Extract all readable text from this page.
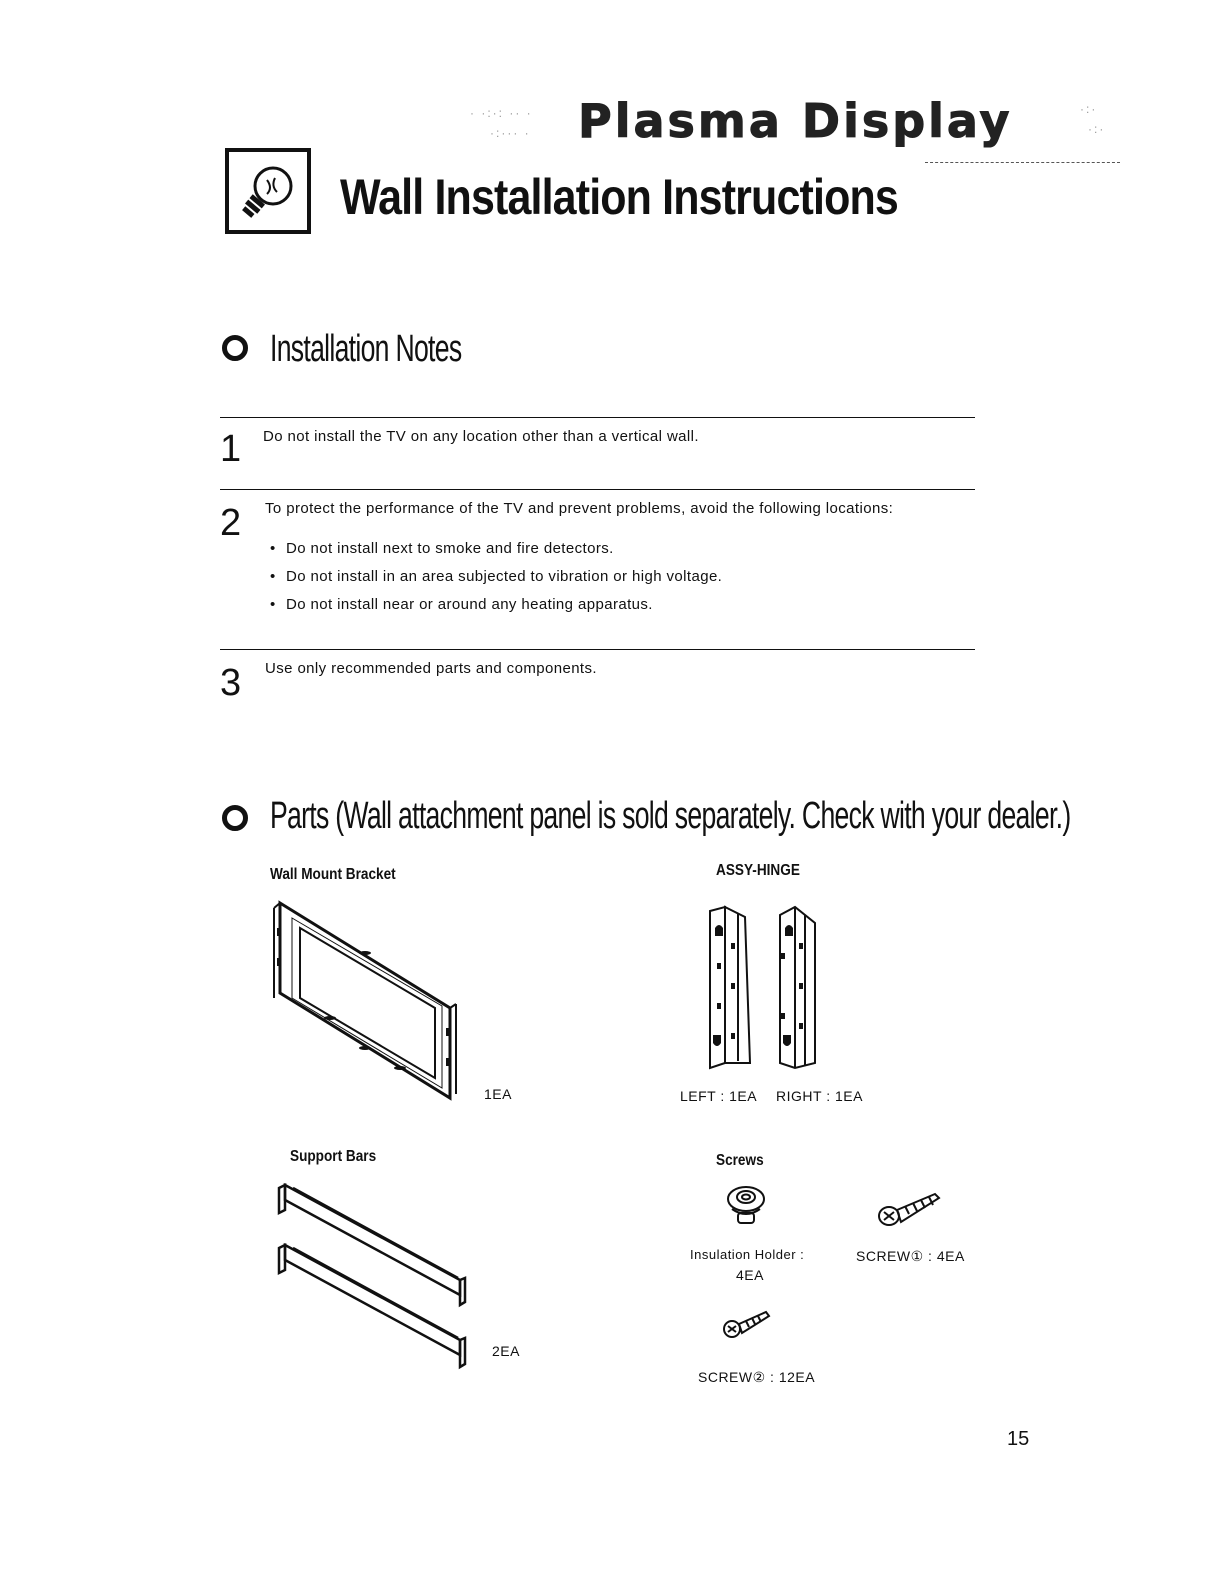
· ·:·: ·· ·
·:··· ·
·:·
·:·
Plasma Display
Wall Installation Instructions
Installation Notes
1 Do not install the TV on any location other than a vertical wall.
2 To protect the performance of the TV and prevent problems, avoid the following locations:
• Do not install next to smoke and fire detectors.
• Do not install in an area subjected to vibration or high voltage.
• Do not install near or around any heating apparatus.
3 Use only recommended parts and components.
Parts (Wall attachment panel is sold separately. Check with your dealer.)
Wall Mount Bracket
1EA
ASSY-HINGE
LEFT : 1EA RIGHT : 1EA
Support Bars
2EA
Screws
Insulation Holder :
4EA
SCREW① : 4EA
SCREW② : 12EA
15
